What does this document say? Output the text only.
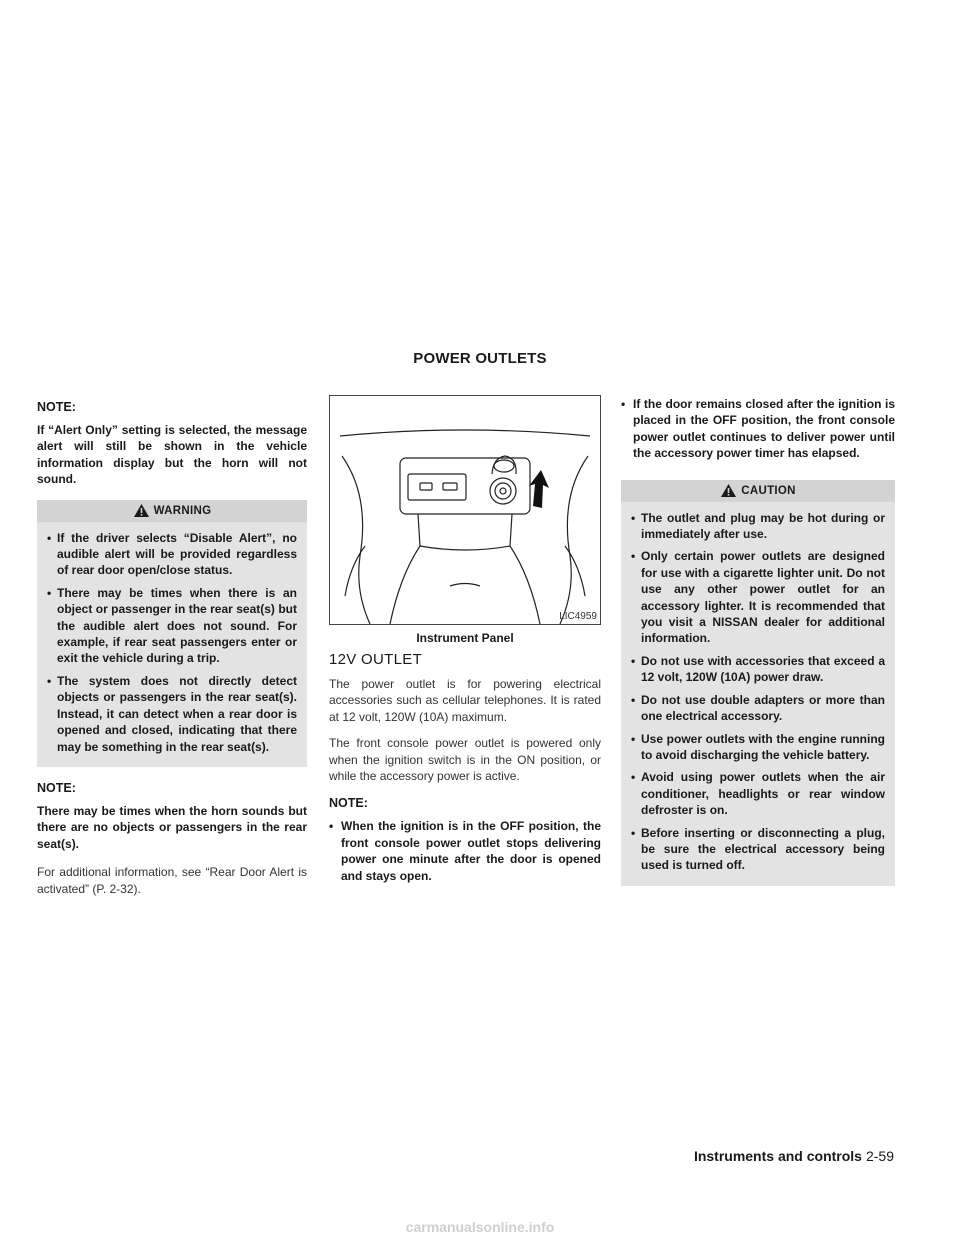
POWER OUTLETS
NOTE:

If “Alert Only” setting is selected, the message alert will still be shown in the vehicle information display but the horn will not sound.

WARNING
• If the driver selects “Disable Alert”, no audible alert will be provided regardless of rear door open/close status.
• There may be times when there is an object or passenger in the rear seat(s) but the audible alert does not sound. For example, if rear seat passengers enter or exit the vehicle during a trip.
• The system does not directly detect objects or passengers in the rear seat(s). Instead, it can detect when a rear door is opened and closed, indicating that there may be something in the rear seat(s).
NOTE:

There may be times when the horn sounds but there are no objects or passengers in the rear seat(s).

For additional information, see “Rear Door Alert is activated” (P. 2-32).

LIC4959
Instrument Panel
12V OUTLET

The power outlet is for powering electrical accessories such as cellular telephones. It is rated at 12 volt, 120W (10A) maximum.

The front console power outlet is powered only when the ignition switch is in the ON position, or while the accessory power is active.

NOTE:
• When the ignition is in the OFF position, the front console power outlet stops delivering power one minute after the door is opened and stays open.
• If the door remains closed after the ignition is placed in the OFF position, the front console power outlet continues to deliver power until the accessory power timer has elapsed.
CAUTION
• The outlet and plug may be hot during or immediately after use.
• Only certain power outlets are designed for use with a cigarette lighter unit. Do not use any other power outlet for an accessory lighter. It is recommended that you visit a NISSAN dealer for additional information.
• Do not use with accessories that exceed a 12 volt, 120W (10A) power draw.
• Do not use double adapters or more than one electrical accessory.
• Use power outlets with the engine running to avoid discharging the vehicle battery.
• Avoid using power outlets when the air conditioner, headlights or rear window defroster is on.
• Before inserting or disconnecting a plug, be sure the electrical accessory being used is turned off.
Instruments and controls 2-59
carmanualsonline.info
